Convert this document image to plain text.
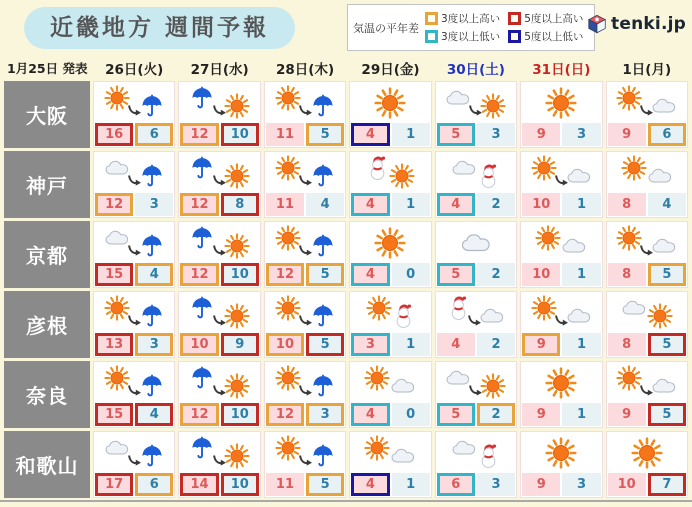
近畿地方 週間予報	気温の平年差
3度以上高い 5度以上高い
3度以上低い 5度以上低い
tenki.jp
1月25日 発表	26日(火)	27日(水)	28日(木)	29日(金)	30日(土)	31日(日)	1日(月)
大阪
16	6	12	10	11	5	4	1	5	3	9	3	9	6
神戸
12	3	12	8	11	4	4	1	4	2	10	1	8	4
京都
15	4	12	10	12	5	4	0	5	2	10	1	8	5
彦根
13	3	10	9	10	5	3	1	4	2	9	1	8	5
奈良
15	4	12	10	12	3	4	0	5	2	9	1	9	5
和歌山
17	6	14	10	11	5	4	1	6	3	9	3	10	7
